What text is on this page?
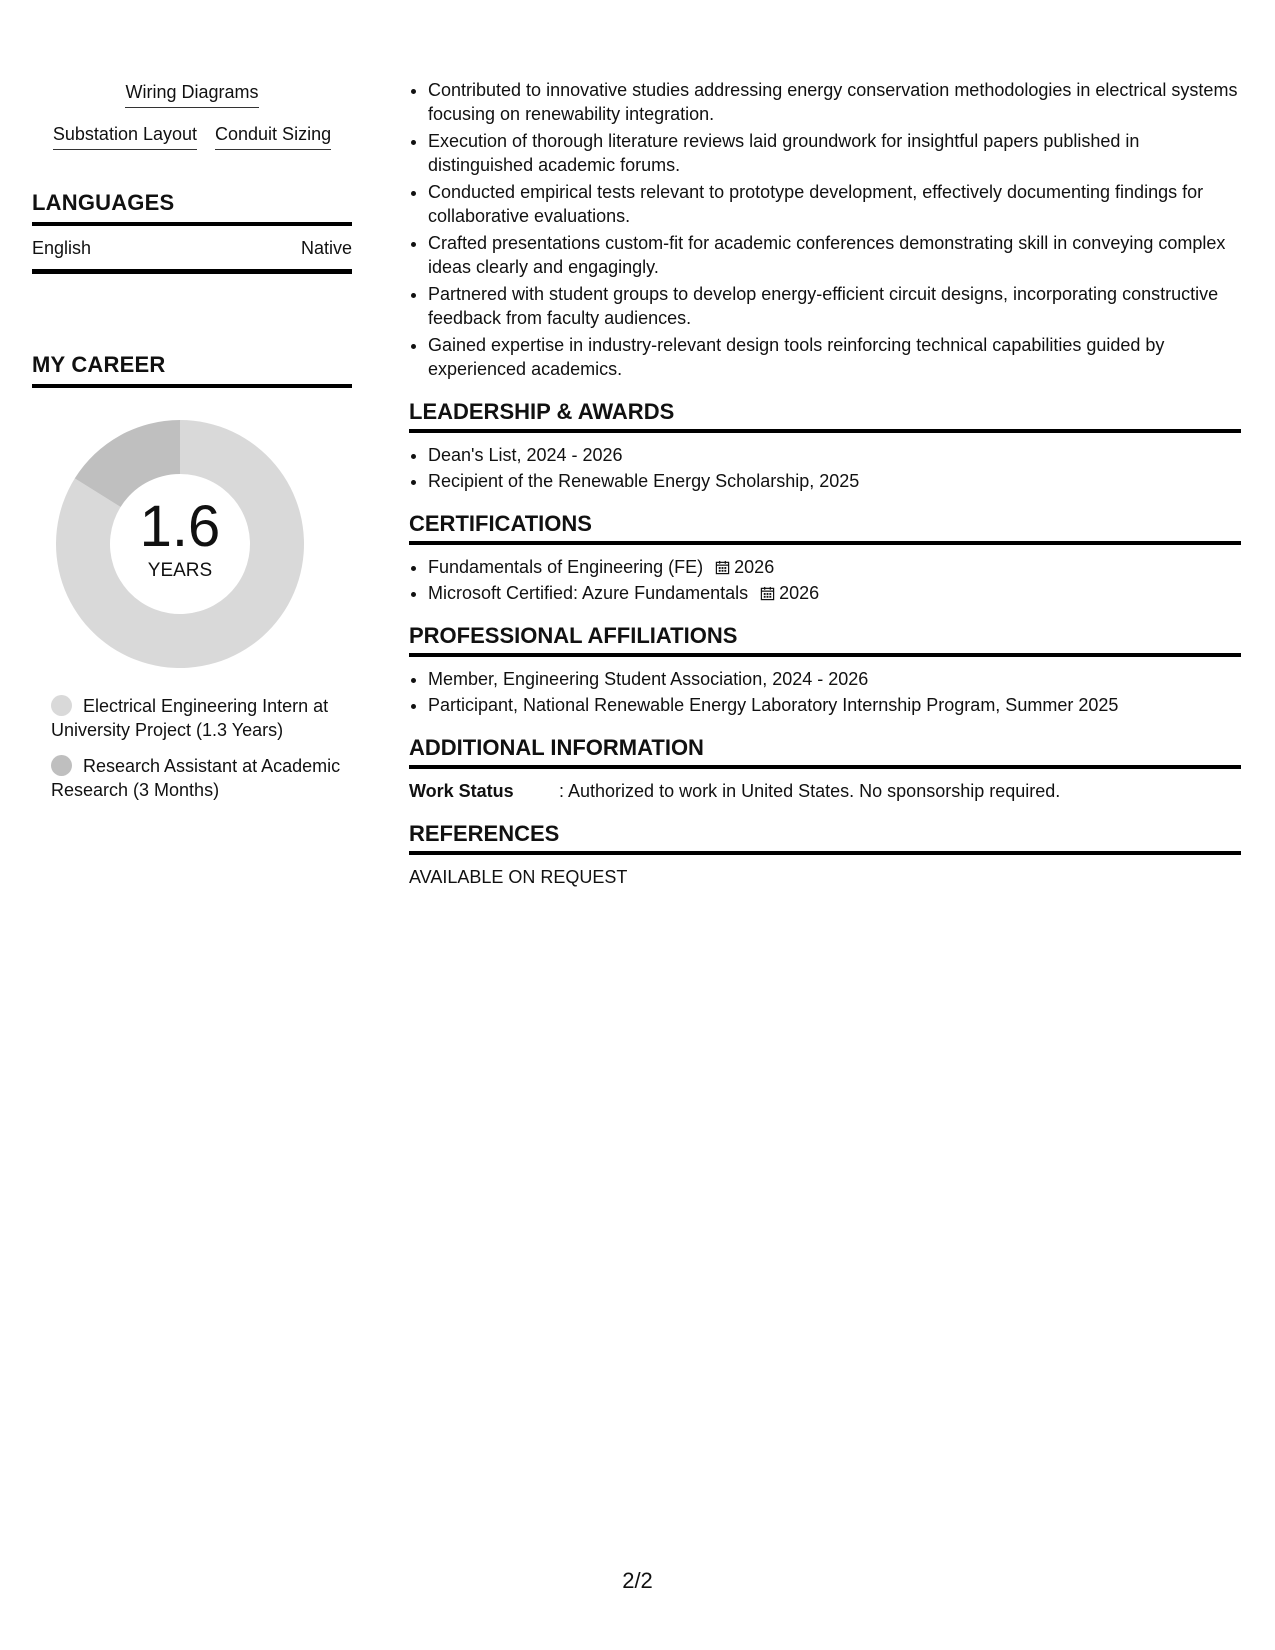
Wiring Diagrams
Substation Layout Conduit Sizing
LANGUAGES
English	Native
MY CAREER
1.6
YEARS
Electrical Engineering Intern at University Project (1.3 Years)
Research Assistant at Academic Research (3 Months)
• Contributed to innovative studies addressing energy conservation methodologies in electrical systems focusing on renewability integration.
• Execution of thorough literature reviews laid groundwork for insightful papers published in distinguished academic forums.
• Conducted empirical tests relevant to prototype development, effectively documenting findings for collaborative evaluations.
• Crafted presentations custom-fit for academic conferences demonstrating skill in conveying complex ideas clearly and engagingly.
• Partnered with student groups to develop energy-efficient circuit designs, incorporating constructive feedback from faculty audiences.
• Gained expertise in industry-relevant design tools reinforcing technical capabilities guided by experienced academics.
LEADERSHIP & AWARDS
• Dean's List, 2024 - 2026
• Recipient of the Renewable Energy Scholarship, 2025
CERTIFICATIONS
• Fundamentals of Engineering (FE) 2026
• Microsoft Certified: Azure Fundamentals 2026
PROFESSIONAL AFFILIATIONS
• Member, Engineering Student Association, 2024 - 2026
• Participant, National Renewable Energy Laboratory Internship Program, Summer 2025
ADDITIONAL INFORMATION
Work Status	: Authorized to work in United States. No sponsorship required.
REFERENCES
AVAILABLE ON REQUEST
2/2
